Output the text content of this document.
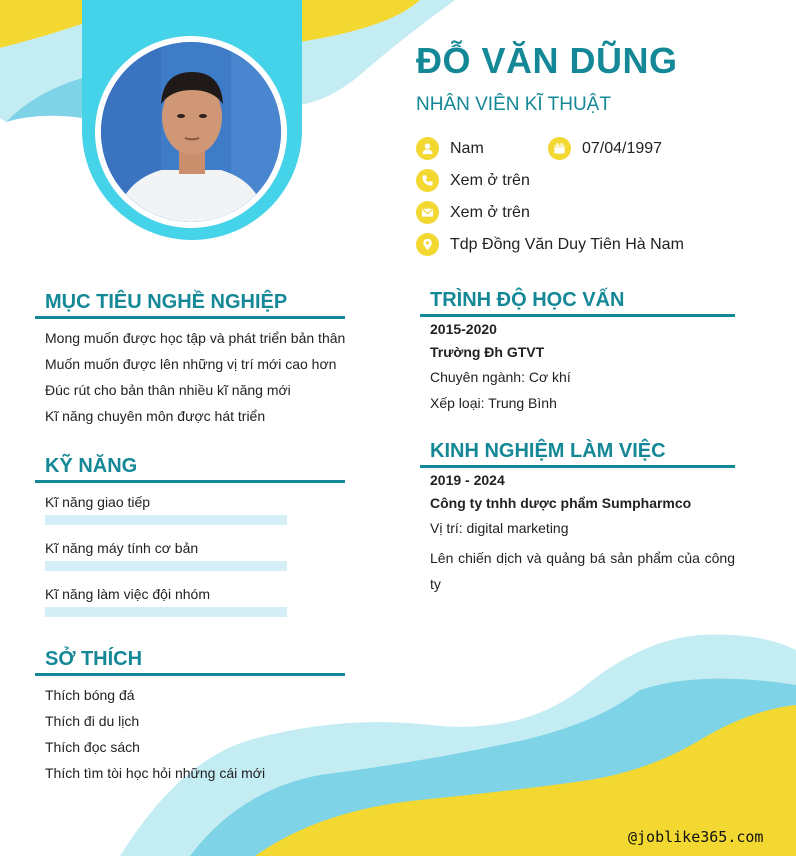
ĐỖ VĂN DŨNG
NHÂN VIÊN KĨ THUẬT
Nam	07/04/1997
Xem ở trên
Xem ở trên
Tdp Đồng Văn Duy Tiên Hà Nam
MỤC TIÊU NGHỀ NGHIỆP
Mong muốn được học tập và phát triển bản thân
Muốn muốn được lên những vị trí mới cao hơn
Đúc rút cho bản thân nhiều kĩ năng mới
Kĩ năng chuyên môn được hát triển
KỸ NĂNG
Kĩ năng giao tiếp
Kĩ năng máy tính cơ bản
Kĩ năng làm việc đội nhóm
SỞ THÍCH
Thích bóng đá
Thích đi du lịch
Thích đọc sách
Thích tìm tòi học hỏi những cái mới
TRÌNH ĐỘ HỌC VẤN
2015-2020
Trường Đh GTVT
Chuyên ngành: Cơ khí
Xếp loại: Trung Bình
KINH NGHIỆM LÀM VIỆC
2019 - 2024
Công ty tnhh dược phẩm Sumpharmco
Vị trí: digital marketing
Lên chiến dịch và quảng bá sản phẩm của công ty
@joblike365.com
